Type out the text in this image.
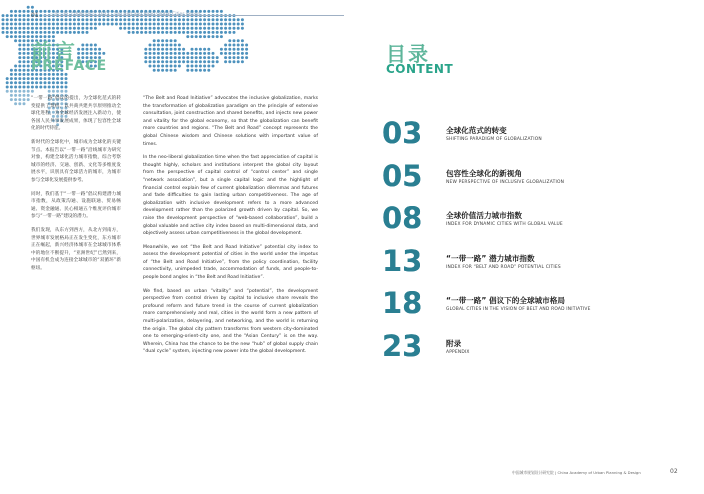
01	一带一路 全球城市报告 2023 · The Belt and Road Global Cities Report
前言
PREFACE

“一带一路”倡议的提出，为全球化范式的转变提供了契机，以共商共建共享原则推动全球化进程，为全球经济发展注入新动力，使各国人民共享发展成果，体现了包容性全球化的时代特征。

新时代的全球化中，城市成为全球化的关键节点。本报告以“一带一路”沿线城市为研究对象，构建全球化活力城市指数，综合考察城市的经济、交通、创新、文化等多维度发展水平，识别具有全球活力的城市，为城市参与全球化发展提供参考。

同时，我们基于“一带一路”倡议构建潜力城市指数，从政策沟通、设施联通、贸易畅通、资金融通、民心相通五个维度评价城市参与“一带一路”建设的潜力。

我们发现，从东方到西方，从北方到南方，世界城市发展格局正在发生变化，东方城市正在崛起，新兴经济体城市在全球城市体系中的地位不断提升，“亚洲世纪”已然到来，中国有机会成为连接全球城市的“双循环”新枢纽。

“The Belt and Road Initiative” advocates the inclusive globalization, marks the transformation of globalization paradigm on the principle of extensive consultation, joint construction and shared benefits, and injects new power and vitality for the global economy, so that the globalization can benefit more countries and regions. “The Belt and Road” concept represents the global Chinese wisdom and Chinese solutions with important value of times.

In the neo-liberal globalization time when the fast appreciation of capital is thought highly, scholars and institutions interpret the global city layout from the perspective of capital control of “control center” and single “network association”, but a single capital logic and the highlight of financial control explain few of current globalization dilemmas and futures and fade difficulties to gain lasting urban competitiveness. The age of globalization with inclusive development refers to a more advanced development rather than the polarized growth driven by capital. So, we raise the development perspective of “web-based collaboration”, build a global valuable and active city index based on multi-dimensional data, and objectively assess urban competitiveness in the global development.

Meanwhile, we set “the Belt and Road Initiative” potential city index to assess the development potential of cities in the world under the impetus of “the Belt and Road Initiative”, from the policy coordination, facility connectivity, unimpeded trade, accommodation of funds, and people-to-people bond angles in “the Belt and Road Initiative”.

We find, based on urban “vitality” and “potential”, the development perspective from control driven by capital to inclusive share reveals the profound reform and future trend in the course of current globalization more comprehensively and real, cities in the world form a new pattern of multi-polarization, delayering, and networking, and the world is returning the origin. The global city pattern transforms from western city-dominated one to emerging-orient-city one, and the “Asian Century” is on the way. Wherein, China has the chance to be the new “hub” of global supply chain “dual cycle” system, injecting new power into the global development.

目录
CONTENT
03	全球化范式的转变
SHIFTING PARADIGM OF GLOBALIZATION
05	包容性全球化的新视角
NEW PERSPECTIVE OF INCLUSIVE GLOBALIZATION
08	全球价值活力城市指数
INDEX FOR DYNAMIC CITIES WITH GLOBAL VALUE
13	“一带一路” 潜力城市指数
INDEX FOR “BELT AND ROAD” POTENTIAL CITIES
18	“一带一路” 倡议下的全球城市格局
GLOBAL CITIES IN THE VISION OF BELT AND ROAD INITIATIVE
23	附录
APPENDIX
中国城市规划设计研究院 | China Academy of Urban Planning & Design	02
